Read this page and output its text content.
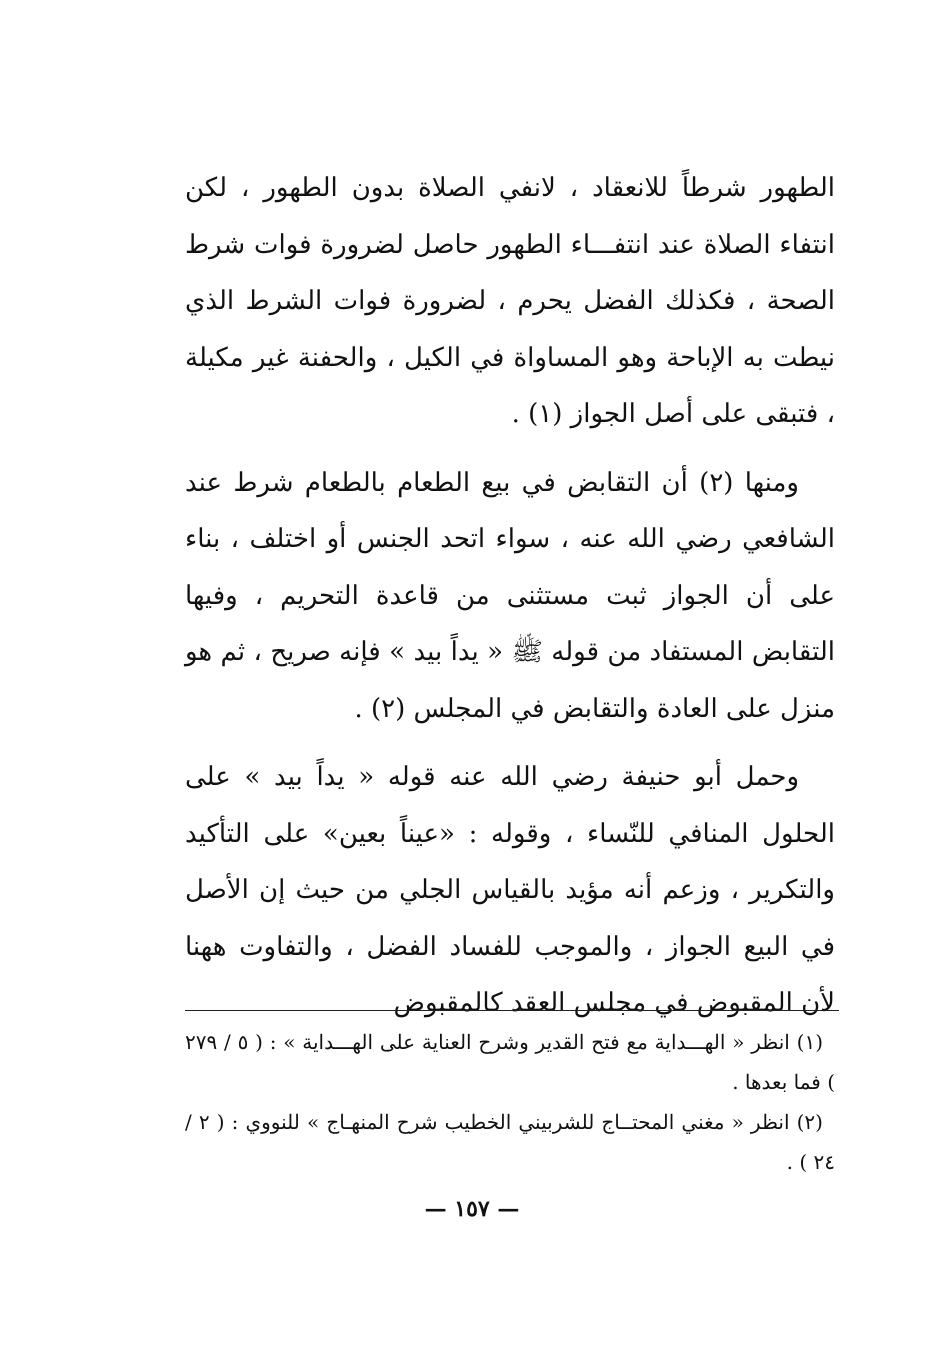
الطهور شرطاً للانعقاد ، لانفي الصلاة بدون الطهور ، لكن انتفاء الصلاة عند انتفـــاء الطهور حاصل لضرورة فوات شرط الصحة ، فكذلك الفضل يحرم ، لضرورة فوات الشرط الذي نيطت به الإباحة وهو المساواة في الكيل ، والحفنة غير مكيلة ، فتبقى على أصل الجواز (١) .

ومنها (٢) أن التقابض في بيع الطعام بالطعام شرط عند الشافعي رضي الله عنه ، سواء اتحد الجنس أو اختلف ، بناء على أن الجواز ثبت مستثنى من قاعدة التحريم ، وفيها التقابض المستفاد من قوله ﷺ « يداً بيد » فإنه صريح ، ثم هو منزل على العادة والتقابض في المجلس (٢) .

وحمل أبو حنيفة رضي الله عنه قوله « يداً بيد » على الحلول المنافي للنّساء ، وقوله : «عيناً بعين» على التأكيد والتكرير ، وزعم أنه مؤيد بالقياس الجلي من حيث إن الأصل في البيع الجواز ، والموجب للفساد الفضل ، والتفاوت ههنا لأن المقبوض في مجلس العقد كالمقبوض

(١) انظر « الهـــداية مع فتح القدير وشرح العناية على الهـــداية » : ( ٥ / ٢٧٩ ) فما بعدها .

(٢) انظر « مغني المحتــاج للشربيني الخطيب شرح المنهـاج » للنووي : ( ٢ / ٢٤ ) .

— ١٥٧ —
